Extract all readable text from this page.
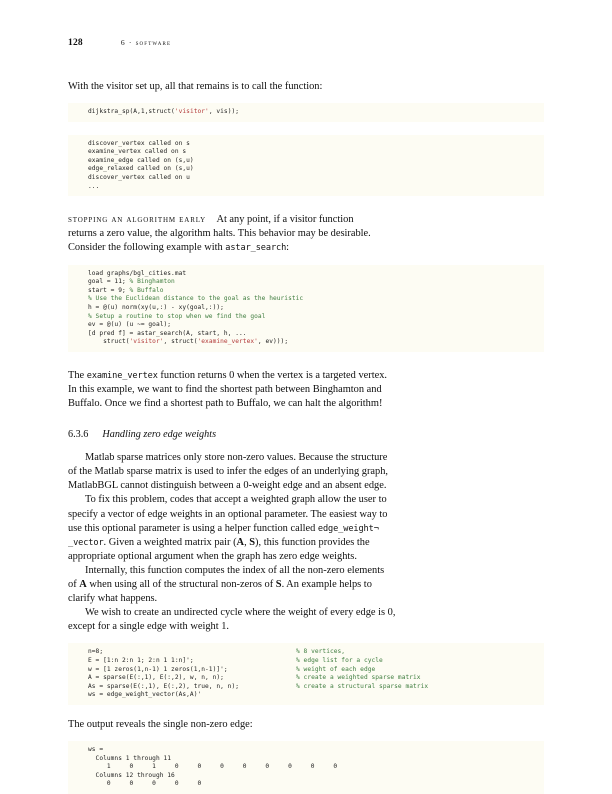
128	6 · software

With the visitor set up, all that remains is to call the function:

dijkstra_sp(A,1,struct('visitor', vis));
discover_vertex called on s
examine_vertex called on s
examine_edge called on (s,u)
edge_relaxed called on (s,u)
discover_vertex called on u
...

stopping an algorithm early At any point, if a visitor function

returns a zero value, the algorithm halts. This behavior may be desirable.

Consider the following example with astar_search:

load graphs/bgl_cities.mat
goal = 11; % Binghamton
start = 9; % Buffalo
% Use the Euclidean distance to the goal as the heuristic
h = @(u) norm(xy(u,:) - xy(goal,:));
% Setup a routine to stop when we find the goal
ev = @(u) (u ~= goal);
[d pred f] = astar_search(A, start, h, ...
struct('visitor', struct('examine_vertex', ev)));

The examine_vertex function returns 0 when the vertex is a targeted vertex.

In this example, we want to find the shortest path between Binghamton and

Buffalo. Once we find a shortest path to Buffalo, we can halt the algorithm!

6.3.6 Handling zero edge weights

Matlab sparse matrices only store non-zero values. Because the structure

of the Matlab sparse matrix is used to infer the edges of an underlying graph,

MatlabBGL cannot distinguish between a 0-weight edge and an absent edge.

To fix this problem, codes that accept a weighted graph allow the user to

specify a vector of edge weights in an optional parameter. The easiest way to

use this optional parameter is using a helper function called edge_weight¬

_vector. Given a weighted matrix pair (A, S), this function provides the

appropriate optional argument when the graph has zero edge weights.

Internally, this function computes the index of all the non-zero elements

of A when using all of the structural non-zeros of S. An example helps to

clarify what happens.

We wish to create an undirected cycle where the weight of every edge is 0,

except for a single edge with weight 1.

n=8;	% 8 vertices,
E = [1:n 2:n 1; 2:n 1 1:n]';	% edge list for a cycle
w = [1 zeros(1,n-1) 1 zeros(1,n-1)]';	% weight of each edge
A = sparse(E(:,1), E(:,2), w, n, n);	% create a weighted sparse matrix
As = sparse(E(:,1), E(:,2), true, n, n);	% create a structural sparse matrix
ws = edge_weight_vector(As,A)'

The output reveals the single non-zero edge:

ws =
Columns 1 through 11
1     0     1     0     0     0     0     0     0     0     0
Columns 12 through 16
0     0     0     0     0
